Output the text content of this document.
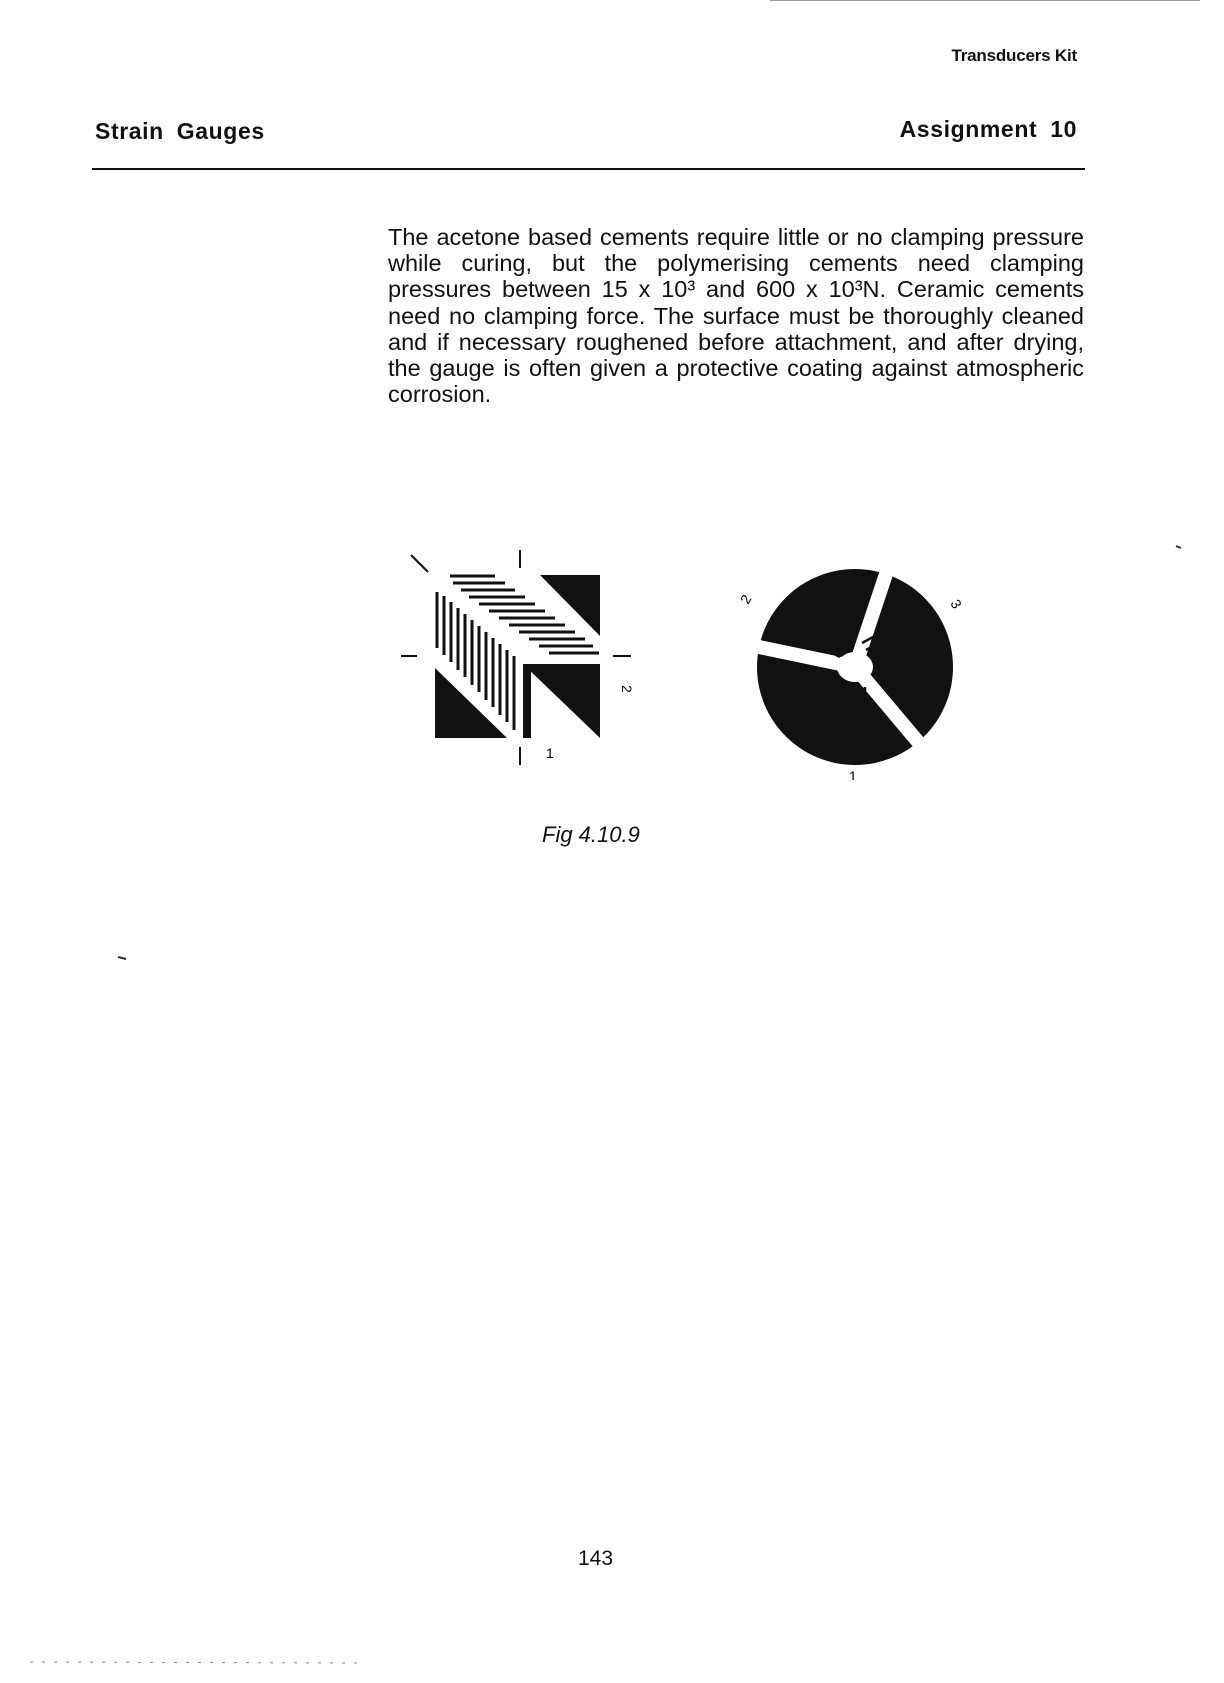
Transducers Kit
Strain Gauges	Assignment 10

The acetone based cements require little or no clamping pressure while curing, but the polymerising cements need clamping pressures between 15 x 10³ and 600 x 10³N. Ceramic cements need no clamping force. The surface must be thoroughly cleaned and if necessary roughened before attachment, and after drying, the gauge is often given a protective coating against atmospheric corrosion.

1
2
1
2	3
Fig 4.10.9
143
